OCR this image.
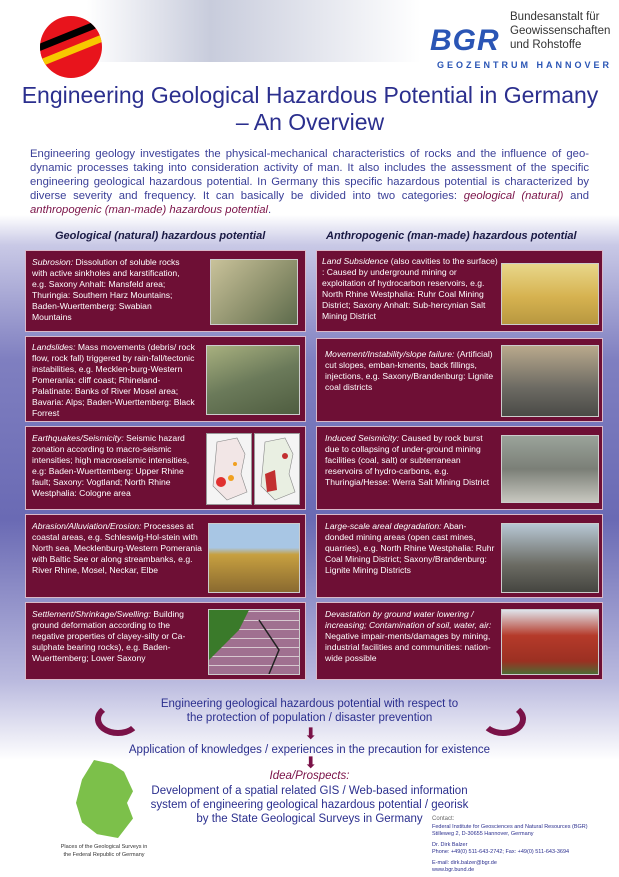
BGR
Bundesanstalt für
Geowissenschaften
und Rohstoffe
GEOZENTRUM HANNOVER
Engineering Geological Hazardous Potential in Germany – An Overview

Engineering geology investigates the physical-mechanical characteristics of rocks and the influence of geo-dynamic processes taking into consideration activity of man. It also includes the assessment of the specific engineering geological hazardous potential. In Germany this specific hazardous potential is characterized by diverse severity and frequency. It can basically be divided into two categories: geological (natural) and anthropogenic (man-made) hazardous potential.

Geological (natural) hazardous potential	Anthropogenic (man-made) hazardous potential

Subrosion: Dissolution of soluble rocks with active sinkholes and karstification, e.g. Saxony Anhalt: Mansfeld area; Thuringia: Southern Harz Mountains; Baden-Wuerttemberg: Swabian Mountains

Landslides: Mass movements (debris/ rock flow, rock fall) triggered by rain-fall/tectonic instabilities, e.g. Mecklen-burg-Western Pomerania: cliff coast; Rhineland-Palatinate: Banks of River Mosel area; Bavaria: Alps; Baden-Wuerttemberg: Black Forrest

Earthquakes/Seismicity: Seismic hazard zonation according to macro-seismic intensities; high macroseismic intensities, e.g: Baden-Wuerttemberg: Upper Rhine fault; Saxony: Vogtland; North Rhine Westphalia: Cologne area

Abrasion/Alluviation/Erosion: Processes at coastal areas, e.g. Schleswig-Hol-stein with North sea, Mecklenburg-Western Pomerania with Baltic See or along streambanks, e.g. River Rhine, Mosel, Neckar, Elbe

Settlement/Shrinkage/Swelling: Building ground deformation according to the negative properties of clayey-silty or Ca-sulphate bearing rocks), e.g. Baden-Wuerttemberg; Lower Saxony

Land Subsidence (also cavities to the surface) : Caused by underground mining or exploitation of hydrocarbon reservoirs, e.g. North Rhine Westphalia: Ruhr Coal Mining District; Saxony Anhalt: Sub-hercynian Salt Mining District

Movement/Instability/slope failure: (Artificial) cut slopes, emban-kments, back fillings, injections, e.g. Saxony/Brandenburg: Lignite coal districts

Induced Seismicity: Caused by rock burst due to collapsing of under-ground mining facilities (coal, salt) or subterranean reservoirs of hydro-carbons, e.g. Thuringia/Hesse: Werra Salt Mining District

Large-scale areal degradation: Aban-donded mining areas (open cast mines, quarries), e.g. North Rhine Westphalia: Ruhr Coal Mining District; Saxony/Brandenburg: Lignite Mining Districts

Devastation by ground water lowering / increasing; Contamination of soil, water, air: Negative impair-ments/damages by mining, industrial facilities and communities: nation-wide possible

Engineering geological hazardous potential with respect to

the protection of population / disaster prevention

⬇

Application of knowledges / experiences in the precaution for existence

⬇

Idea/Prospects:

Development of a spatial related GIS / Web-based information

system of engineering geological hazardous potential / georisk

by the State Geological Surveys in Germany

Places of the Geological Surveys in
the Federal Republic of Germany
Contact:
Federal Institute for Geosciences and Natural Resources (BGR)
Stilleweg 2, D-30655 Hannover, Germany
Dr. Dirk Balzer
Phone: +49(0) 511-643-2742; Fax: +49(0) 511-643-3694
E-mail: dirk.balzer@bgr.de
www.bgr.bund.de
